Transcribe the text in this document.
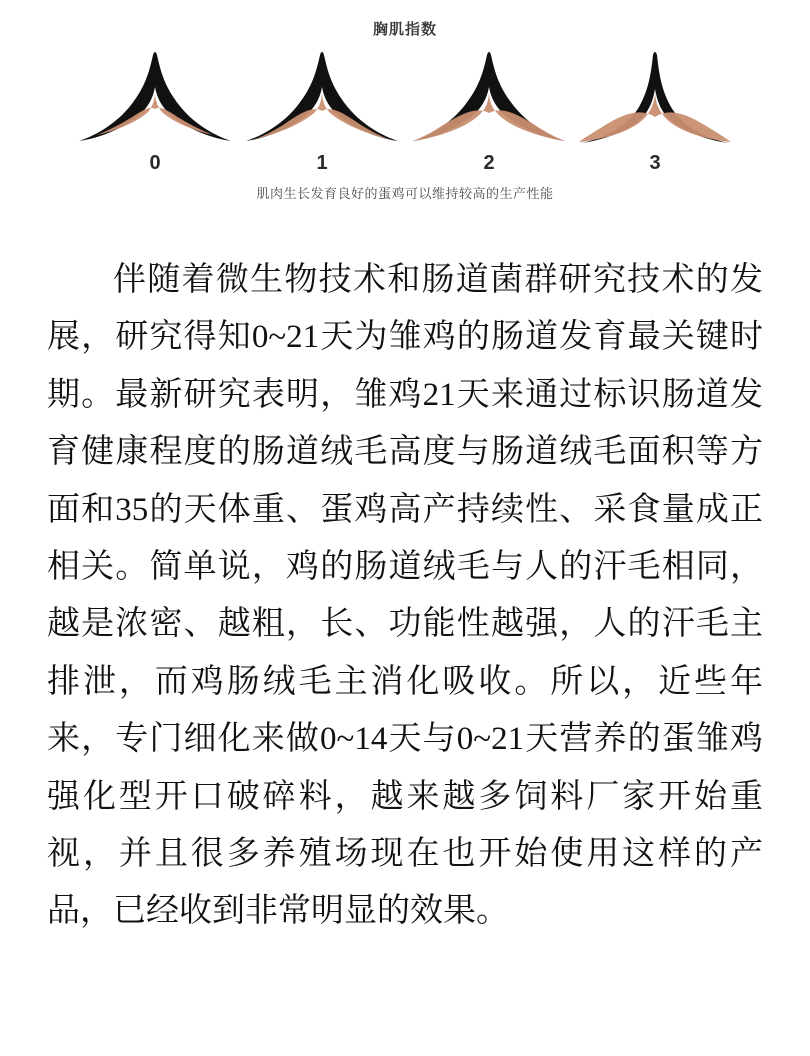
胸肌指数
0	1	2	3
肌肉生长发育良好的蛋鸡可以维持较高的生产性能

伴随着微生物技术和肠道菌群研究技术的发展，研究得知0~21天为雏鸡的肠道发育最关键时期。最新研究表明，雏鸡21天来通过标识肠道发育健康程度的肠道绒毛高度与肠道绒毛面积等方面和35的天体重、蛋鸡高产持续性、采食量成正相关。简单说，鸡的肠道绒毛与人的汗毛相同，越是浓密、越粗，长、功能性越强，人的汗毛主排泄，而鸡肠绒毛主消化吸收。所以，近些年来，专门细化来做0~14天与0~21天营养的蛋雏鸡强化型开口破碎料，越来越多饲料厂家开始重视，并且很多养殖场现在也开始使用这样的产品，已经收到非常明显的效果。
